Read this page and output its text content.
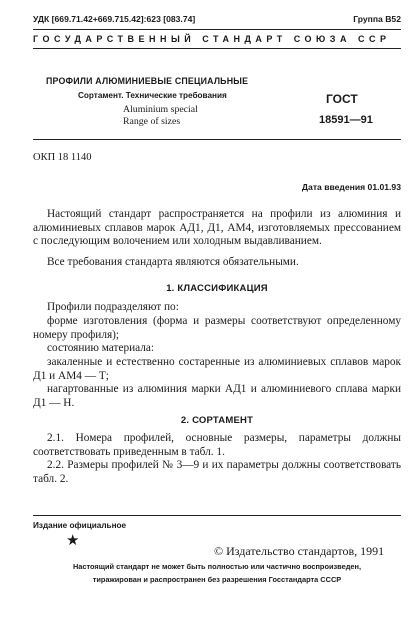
УДК [669.71.42+669.715.42]:623 [083.74]	Группа В52
ГОСУДАРСТВЕННЫЙ СТАНДАРТ СОЮЗА ССР
ПРОФИЛИ АЛЮМИНИЕВЫЕ СПЕЦИАЛЬНЫЕ
Сортамент. Технические требования
Aluminium special
Range of sizes
ГОСТ
18591—91
ОКП 18 1140
Дата введения 01.01.93

Настоящий стандарт распространяется на профили из алюминия и алюминиевых сплавов марок АД1, Д1, АМ4, изготовляемых прессованием с последующим волочением или холодным выдавливанием.

Все требования стандарта являются обязательными.

1. КЛАССИФИКАЦИЯ

Профили подразделяют по:

форме изготовления (форма и размеры соответствуют определенному номеру профиля);

состоянию материала:

закаленные и естественно состаренные из алюминиевых сплавов марок Д1 и АМ4 — Т;

нагартованные из алюминия марки АД1 и алюминиевого сплава марки Д1 — Н.

2. СОРТАМЕНТ

2.1. Номера профилей, основные размеры, параметры должны соответствовать приведенным в табл. 1.

2.2. Размеры профилей № 3—9 и их параметры должны соответствовать табл. 2.

Издание официальное
★
© Издательство стандартов, 1991
Настоящий стандарт не может быть полностью или частично воспроизведен,
тиражирован и распространен без разрешения Госстандарта СССР
